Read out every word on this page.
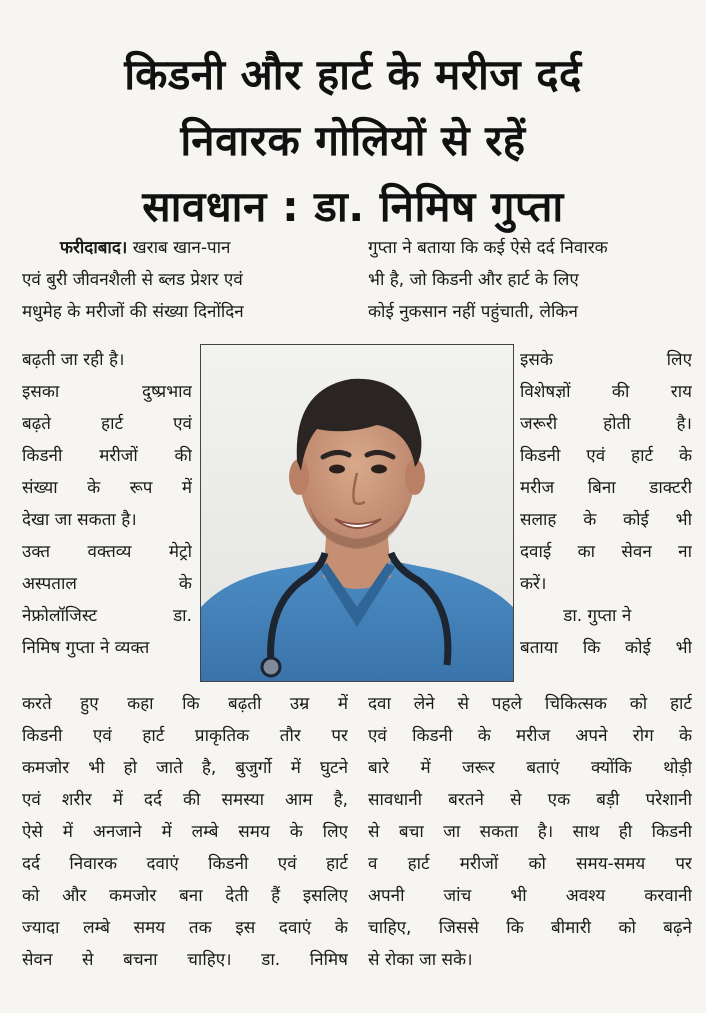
किडनी और हार्ट के मरीज दर्द
निवारक गोलियों से रहें
सावधान : डा. निमिष गुप्ता
फरीदाबाद। खराब खान-पान
एवं बुरी जीवनशैली से ब्लड प्रेशर एवं
मधुमेह के मरीजों की संख्या दिनोंदिन
गुप्ता ने बताया कि कई ऐसे दर्द निवारक
भी है, जो किडनी और हार्ट के लिए
कोई नुकसान नहीं पहुंचाती, लेकिन
बढ़ती जा रही है।
इसका दुष्प्रभाव
बढ़ते हार्ट एवं
किडनी मरीजों की
संख्या के रूप में
देखा जा सकता है।
उक्त वक्तव्य मेट्रो
अस्पताल के
नेफ्रोलॉजिस्ट डा.
निमिष गुप्ता ने व्यक्त
इसके लिए
विशेषज्ञों की राय
जरूरी होती है।
किडनी एवं हार्ट के
मरीज बिना डाक्टरी
सलाह के कोई भी
दवाई का सेवन ना
करें।
डा. गुप्ता ने
बताया कि कोई भी
करते हुए कहा कि बढ़ती उम्र में
किडनी एवं हार्ट प्राकृतिक तौर पर
कमजोर भी हो जाते है, बुजुर्गो में घुटने
एवं शरीर में दर्द की समस्या आम है,
ऐसे में अनजाने में लम्बे समय के लिए
दर्द निवारक दवाएं किडनी एवं हार्ट
को और कमजोर बना देती हैं इसलिए
ज्यादा लम्बे समय तक इस दवाएं के
सेवन से बचना चाहिए। डा. निमिष
दवा लेने से पहले चिकित्सक को हार्ट
एवं किडनी के मरीज अपने रोग के
बारे में जरूर बताएं क्योंकि थोड़ी
सावधानी बरतने से एक बड़ी परेशानी
से बचा जा सकता है। साथ ही किडनी
व हार्ट मरीजों को समय-समय पर
अपनी जांच भी अवश्य करवानी
चाहिए, जिससे कि बीमारी को बढ़ने
से रोका जा सके।
